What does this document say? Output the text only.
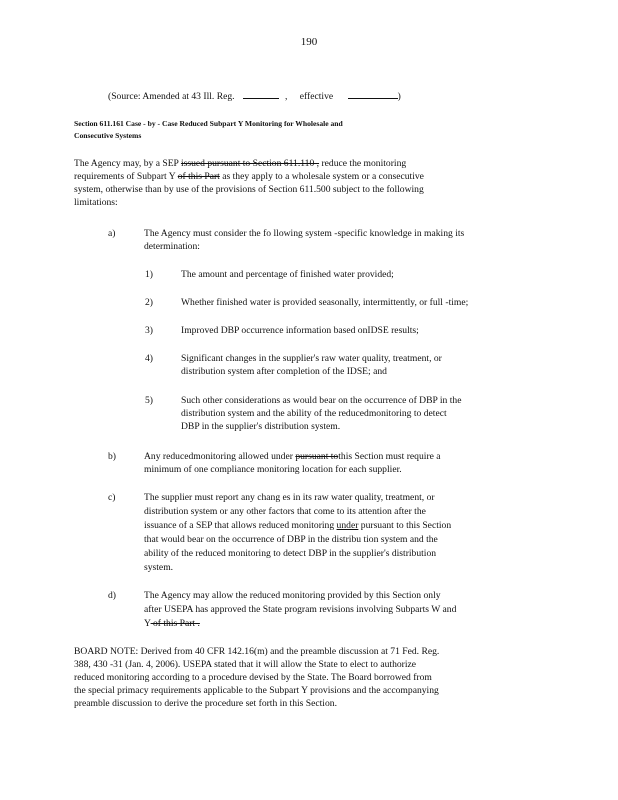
190
(Source: Amended at 43 Ill. Reg.	, effective	)
Section 611.161 Case - by - Case Reduced Subpart Y Monitoring for Wholesale and
Consecutive Systems
The Agency may, by a SEP issued pursuant to Section 611.110 , reduce the monitoring
requirements of Subpart Y of this Part as they apply to a wholesale system or a consecutive
system, otherwise than by use of the provisions of Section 611.500 subject to the following
limitations:
a)	The Agency must consider the fo llowing system -specific knowledge in making its
determination:
1)	The amount and percentage of finished water provided;
2)	Whether finished water is provided seasonally, intermittently, or full -time;
3)	Improved DBP occurrence information based onIDSE results;
4)	Significant changes in the supplier's raw water quality, treatment, or
distribution system after completion of the IDSE; and
5)	Such other considerations as would bear on the occurrence of DBP in the
distribution system and the ability of the reducedmonitoring to detect
DBP in the supplier's distribution system.
b)	Any reducedmonitoring allowed under pursuant tothis Section must require a
minimum of one compliance monitoring location for each supplier.
c)	The supplier must report any chang es in its raw water quality, treatment, or
distribution system or any other factors that come to its attention after the
issuance of a SEP that allows reduced monitoring under pursuant to this Section
that would bear on the occurrence of DBP in the distribu tion system and the
ability of the reduced monitoring to detect DBP in the supplier's distribution
system.
d)	The Agency may allow the reduced monitoring provided by this Section only
after USEPA has approved the State program revisions involving Subparts W and
Y of this Part .
BOARD NOTE: Derived from 40 CFR 142.16(m) and the preamble discussion at 71 Fed. Reg.
388, 430 -31 (Jan. 4, 2006). USEPA stated that it will allow the State to elect to authorize
reduced monitoring according to a procedure devised by the State. The Board borrowed from
the special primacy requirements applicable to the Subpart Y provisions and the accompanying
preamble discussion to derive the procedure set forth in this Section.
